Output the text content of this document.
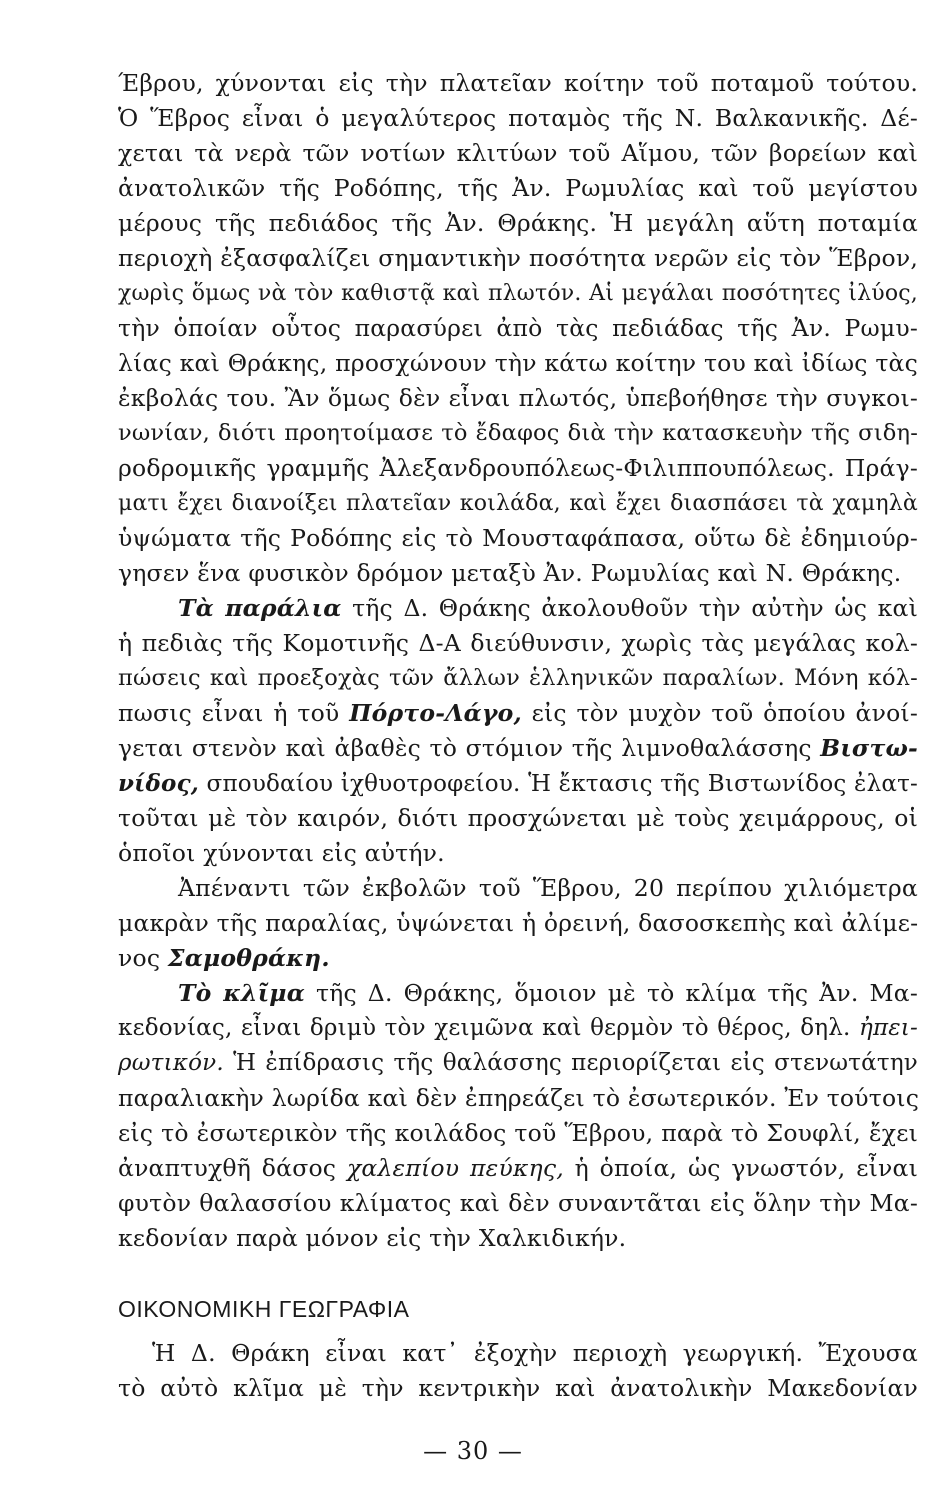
Έβρου, χύνονται εἰς τὴν πλατεῖαν κοίτην τοῦ ποταμοῦ τούτου.
Ὁ Ἕβρος εἶναι ὁ μεγαλύτερος ποταμὸς τῆς Ν. Βαλκανικῆς. Δέ-
χεται τὰ νερὰ τῶν νοτίων κλιτύων τοῦ Αἵμου, τῶν βορείων καὶ
ἀνατολικῶν τῆς Ροδόπης, τῆς Ἀν. Ρωμυλίας καὶ τοῦ μεγίστου
μέρους τῆς πεδιάδος τῆς Ἀν. Θράκης. Ἡ μεγάλη αὕτη ποταμία
περιοχὴ ἐξασφαλίζει σημαντικὴν ποσότητα νερῶν εἰς τὸν Ἕβρον,
χωρὶς ὅμως νὰ τὸν καθιστᾷ καὶ πλωτόν. Αἱ μεγάλαι ποσότητες ἰλύος,
τὴν ὁποίαν οὗτος παρασύρει ἀπὸ τὰς πεδιάδας τῆς Ἀν. Ρωμυ-
λίας καὶ Θράκης, προσχώνουν τὴν κάτω κοίτην του καὶ ἰδίως τὰς
ἐκβολάς του. Ἂν ὅμως δὲν εἶναι πλωτός, ὑπεβοήθησε τὴν συγκοι-
νωνίαν, διότι προητοίμασε τὸ ἔδαφος διὰ τὴν κατασκευὴν τῆς σιδη-
ροδρομικῆς γραμμῆς Ἀλεξανδρουπόλεως-Φιλιππουπόλεως. Πράγ-
ματι ἔχει διανοίξει πλατεῖαν κοιλάδα, καὶ ἔχει διασπάσει τὰ χαμηλὰ
ὑψώματα τῆς Ροδόπης εἰς τὸ Μουσταφάπασα, οὕτω δὲ ἐδημιούρ-
γησεν ἕνα φυσικὸν δρόμον μεταξὺ Ἀν. Ρωμυλίας καὶ Ν. Θράκης.
Τὰ παράλια τῆς Δ. Θράκης ἀκολουθοῦν τὴν αὐτὴν ὡς καὶ
ἡ πεδιὰς τῆς Κομοτινῆς Δ-Α διεύθυνσιν, χωρὶς τὰς μεγάλας κολ-
πώσεις καὶ προεξοχὰς τῶν ἄλλων ἑλληνικῶν παραλίων. Μόνη κόλ-
πωσις εἶναι ἡ τοῦ Πόρτο-Λάγο, εἰς τὸν μυχὸν τοῦ ὁποίου ἀνοί-
γεται στενὸν καὶ ἀβαθὲς τὸ στόμιον τῆς λιμνοθαλάσσης Βιστω-
νίδος, σπουδαίου ἰχθυοτροφείου. Ἡ ἔκτασις τῆς Βιστωνίδος ἐλατ-
τοῦται μὲ τὸν καιρόν, διότι προσχώνεται μὲ τοὺς χειμάρρους, οἱ
ὁποῖοι χύνονται εἰς αὐτήν.
Ἀπέναντι τῶν ἐκβολῶν τοῦ Ἕβρου, 20 περίπου χιλιόμετρα
μακρὰν τῆς παραλίας, ὑψώνεται ἡ ὀρεινή, δασοσκεπὴς καὶ ἀλίμε-
νος Σαμοθράκη.
Τὸ κλῖμα τῆς Δ. Θράκης, ὅμοιον μὲ τὸ κλίμα τῆς Ἀν. Μα-
κεδονίας, εἶναι δριμὺ τὸν χειμῶνα καὶ θερμὸν τὸ θέρος, δηλ. ἠπει-
ρωτικόν. Ἡ ἐπίδρασις τῆς θαλάσσης περιορίζεται εἰς στενωτάτην
παραλιακὴν λωρίδα καὶ δὲν ἐπηρεάζει τὸ ἐσωτερικόν. Ἐν τούτοις
εἰς τὸ ἐσωτερικὸν τῆς κοιλάδος τοῦ Ἕβρου, παρὰ τὸ Σουφλί, ἔχει
ἀναπτυχθῆ δάσος χαλεπίου πεύκης, ἡ ὁποία, ὡς γνωστόν, εἶναι
φυτὸν θαλασσίου κλίματος καὶ δὲν συναντᾶται εἰς ὅλην τὴν Μα-
κεδονίαν παρὰ μόνον εἰς τὴν Χαλκιδικήν.
ΟΙΚΟΝΟΜΙΚΗ ΓΕΩΓΡΑΦΙΑ
Ἡ Δ. Θράκη εἶναι κατ᾽ ἐξοχὴν περιοχὴ γεωργική. Ἔχουσα
τὸ αὐτὸ κλῖμα μὲ τὴν κεντρικὴν καὶ ἀνατολικὴν Μακεδονίαν
— 30 —
